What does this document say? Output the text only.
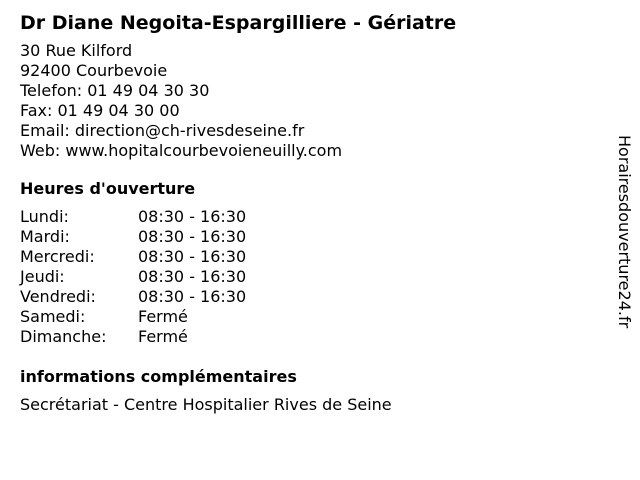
Dr Diane Negoita-Espargilliere - Gériatre
30 Rue Kilford
92400 Courbevoie
Telefon: 01 49 04 30 30
Fax: 01 49 04 30 00
Email: direction@ch-rivesdeseine.fr
Web: www.hopitalcourbevoieneuilly.com
Heures d'ouverture
Lundi:	08:30 - 16:30
Mardi:	08:30 - 16:30
Mercredi:	08:30 - 16:30
Jeudi:	08:30 - 16:30
Vendredi:	08:30 - 16:30
Samedi:	Fermé
Dimanche:	Fermé
informations complémentaires
Secrétariat - Centre Hospitalier Rives de Seine
Horairesdouverture24.fr
